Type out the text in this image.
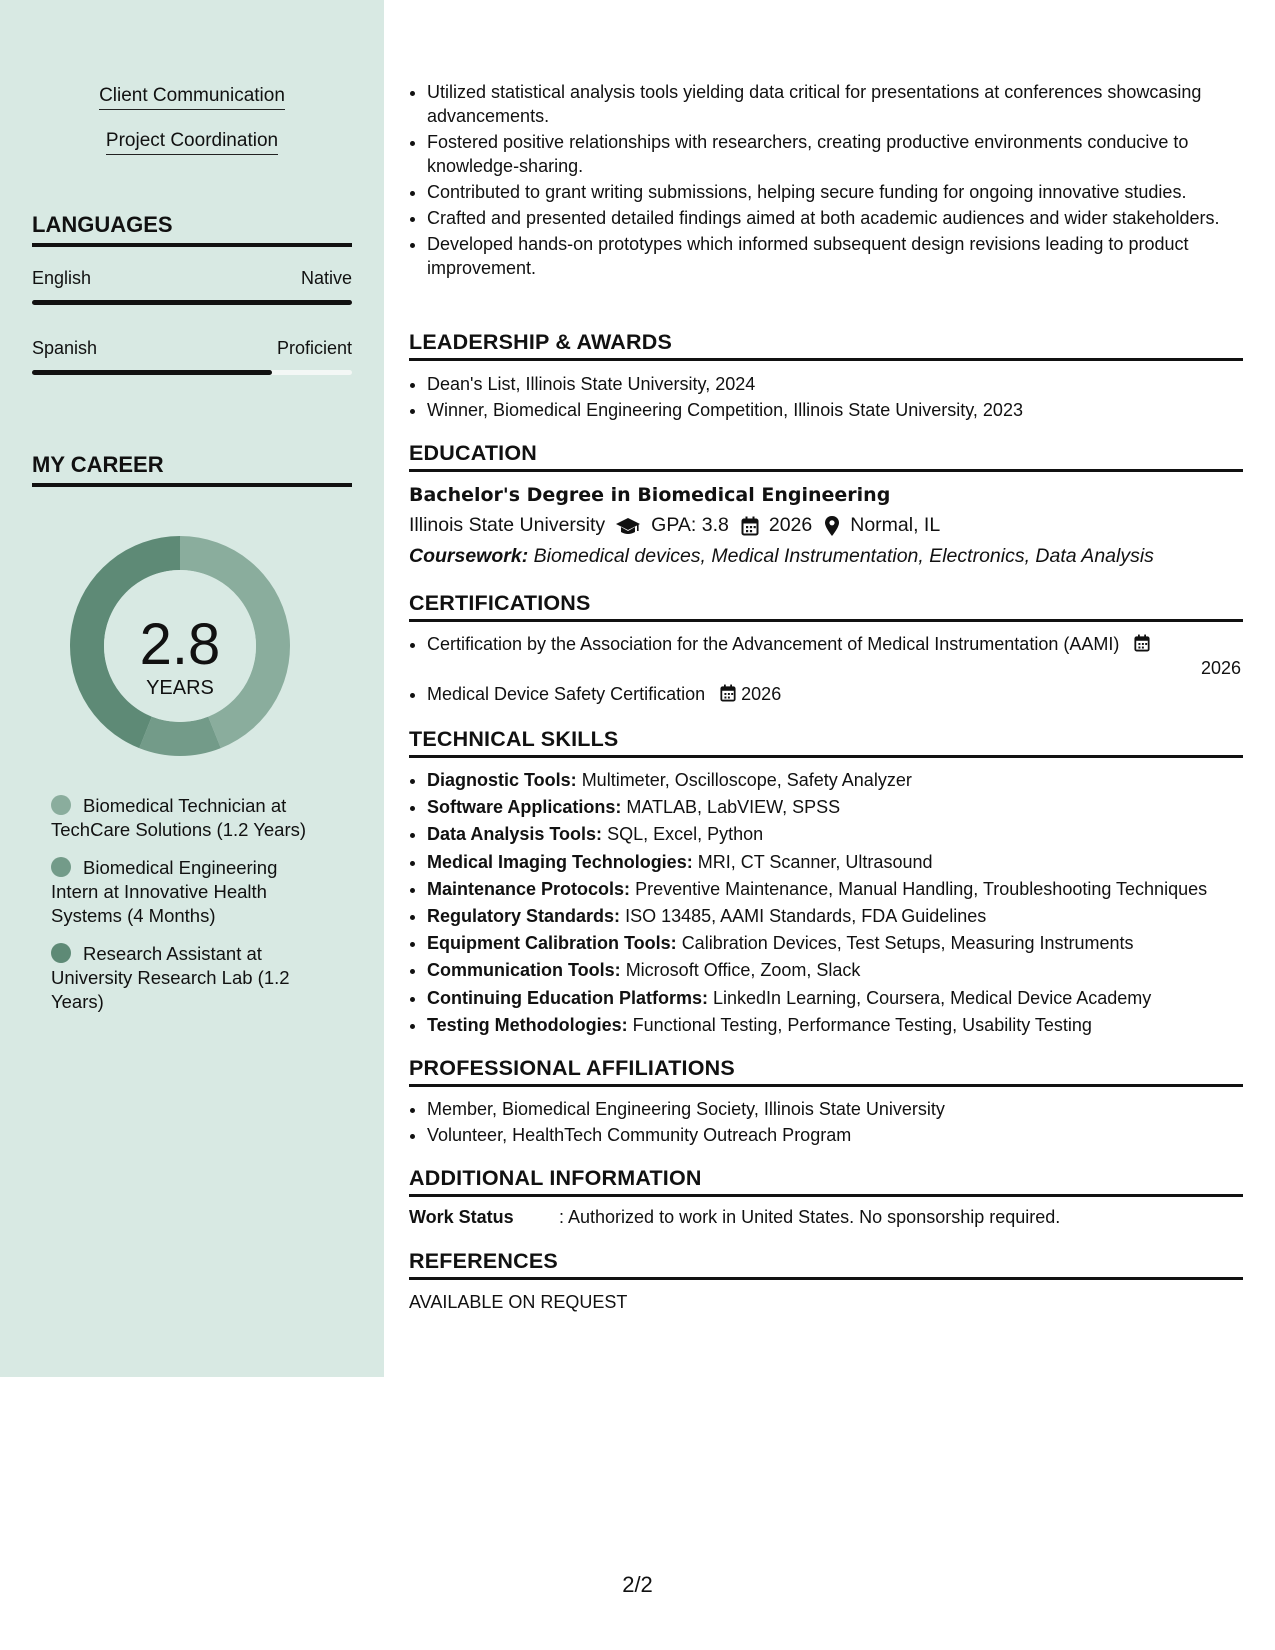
Client Communication
Project Coordination
LANGUAGES
English	Native
Spanish	Proficient
MY CAREER
2.8
YEARS
Biomedical Technician at TechCare Solutions (1.2 Years)
Biomedical Engineering Intern at Innovative Health Systems (4 Months)
Research Assistant at University Research Lab (1.2 Years)
• Utilized statistical analysis tools yielding data critical for presentations at conferences showcasing advancements.
• Fostered positive relationships with researchers, creating productive environments conducive to knowledge-sharing.
• Contributed to grant writing submissions, helping secure funding for ongoing innovative studies.
• Crafted and presented detailed findings aimed at both academic audiences and wider stakeholders.
• Developed hands-on prototypes which informed subsequent design revisions leading to product improvement.
LEADERSHIP & AWARDS
• Dean's List, Illinois State University, 2024
• Winner, Biomedical Engineering Competition, Illinois State University, 2023
EDUCATION
Bachelor's Degree in Biomedical Engineering
Illinois State University GPA: 3.8 2026 Normal, IL
Coursework: Biomedical devices, Medical Instrumentation, Electronics, Data Analysis
CERTIFICATIONS
• Certification by the Association for the Advancement of Medical Instrumentation (AAMI)
2026
• Medical Device Safety Certification 2026
TECHNICAL SKILLS
• Diagnostic Tools: Multimeter, Oscilloscope, Safety Analyzer
• Software Applications: MATLAB, LabVIEW, SPSS
• Data Analysis Tools: SQL, Excel, Python
• Medical Imaging Technologies: MRI, CT Scanner, Ultrasound
• Maintenance Protocols: Preventive Maintenance, Manual Handling, Troubleshooting Techniques
• Regulatory Standards: ISO 13485, AAMI Standards, FDA Guidelines
• Equipment Calibration Tools: Calibration Devices, Test Setups, Measuring Instruments
• Communication Tools: Microsoft Office, Zoom, Slack
• Continuing Education Platforms: LinkedIn Learning, Coursera, Medical Device Academy
• Testing Methodologies: Functional Testing, Performance Testing, Usability Testing
PROFESSIONAL AFFILIATIONS
• Member, Biomedical Engineering Society, Illinois State University
• Volunteer, HealthTech Community Outreach Program
ADDITIONAL INFORMATION
Work Status	: Authorized to work in United States. No sponsorship required.
REFERENCES
AVAILABLE ON REQUEST
2/2
